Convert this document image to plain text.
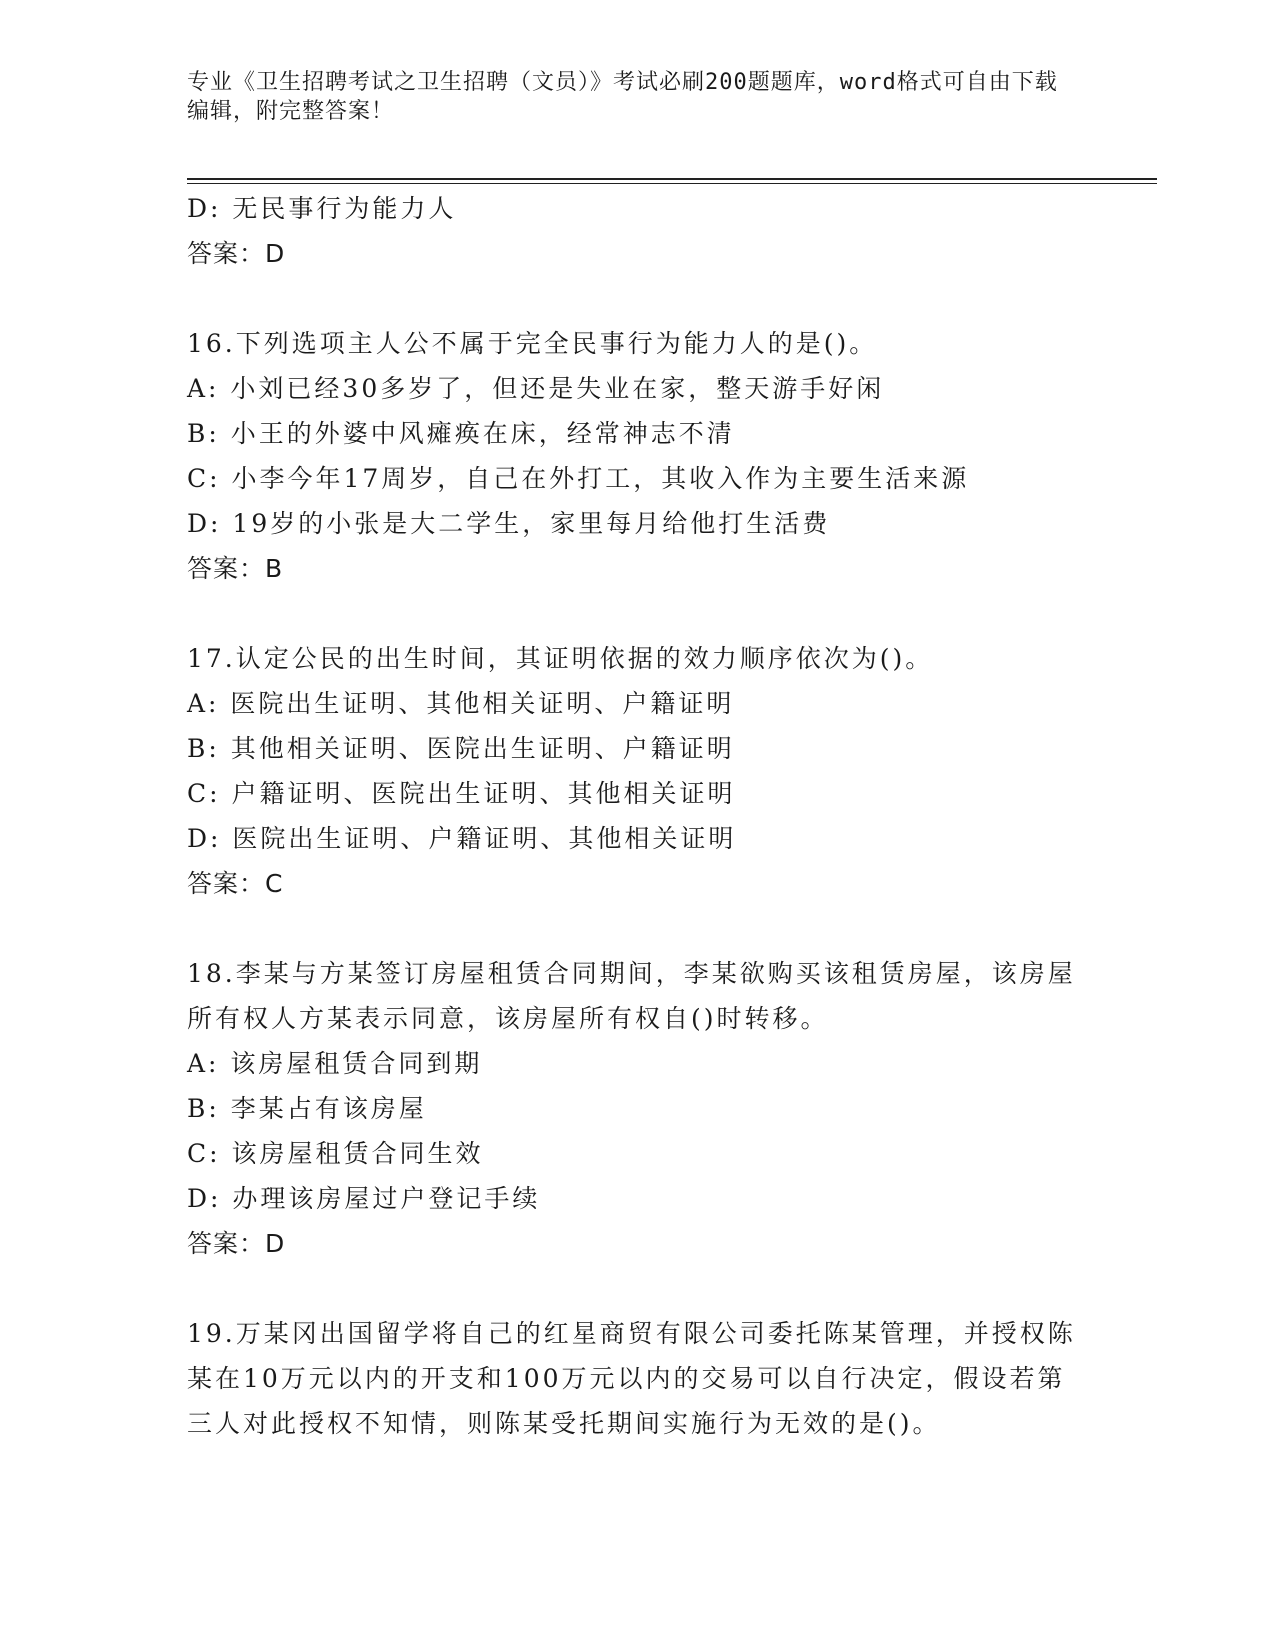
专业《卫生招聘考试之卫生招聘（文员）》考试必刷200题题库，word格式可自由下载编辑，附完整答案！
D: 无民事行为能力人
答案：D
16.下列选项主人公不属于完全民事行为能力人的是()。
A: 小刘已经30多岁了，但还是失业在家，整天游手好闲
B: 小王的外婆中风瘫痪在床，经常神志不清
C: 小李今年17周岁，自己在外打工，其收入作为主要生活来源
D: 19岁的小张是大二学生，家里每月给他打生活费
答案：B
17.认定公民的出生时间，其证明依据的效力顺序依次为()。
A: 医院出生证明、其他相关证明、户籍证明
B: 其他相关证明、医院出生证明、户籍证明
C: 户籍证明、医院出生证明、其他相关证明
D: 医院出生证明、户籍证明、其他相关证明
答案：C
18.李某与方某签订房屋租赁合同期间，李某欲购买该租赁房屋，该房屋所有权人方某表示同意，该房屋所有权自()时转移。
A: 该房屋租赁合同到期
B: 李某占有该房屋
C: 该房屋租赁合同生效
D: 办理该房屋过户登记手续
答案：D
19.万某冈出国留学将自己的红星商贸有限公司委托陈某管理，并授权陈某在10万元以内的开支和100万元以内的交易可以自行决定，假设若第三人对此授权不知情，则陈某受托期间实施行为无效的是()。
